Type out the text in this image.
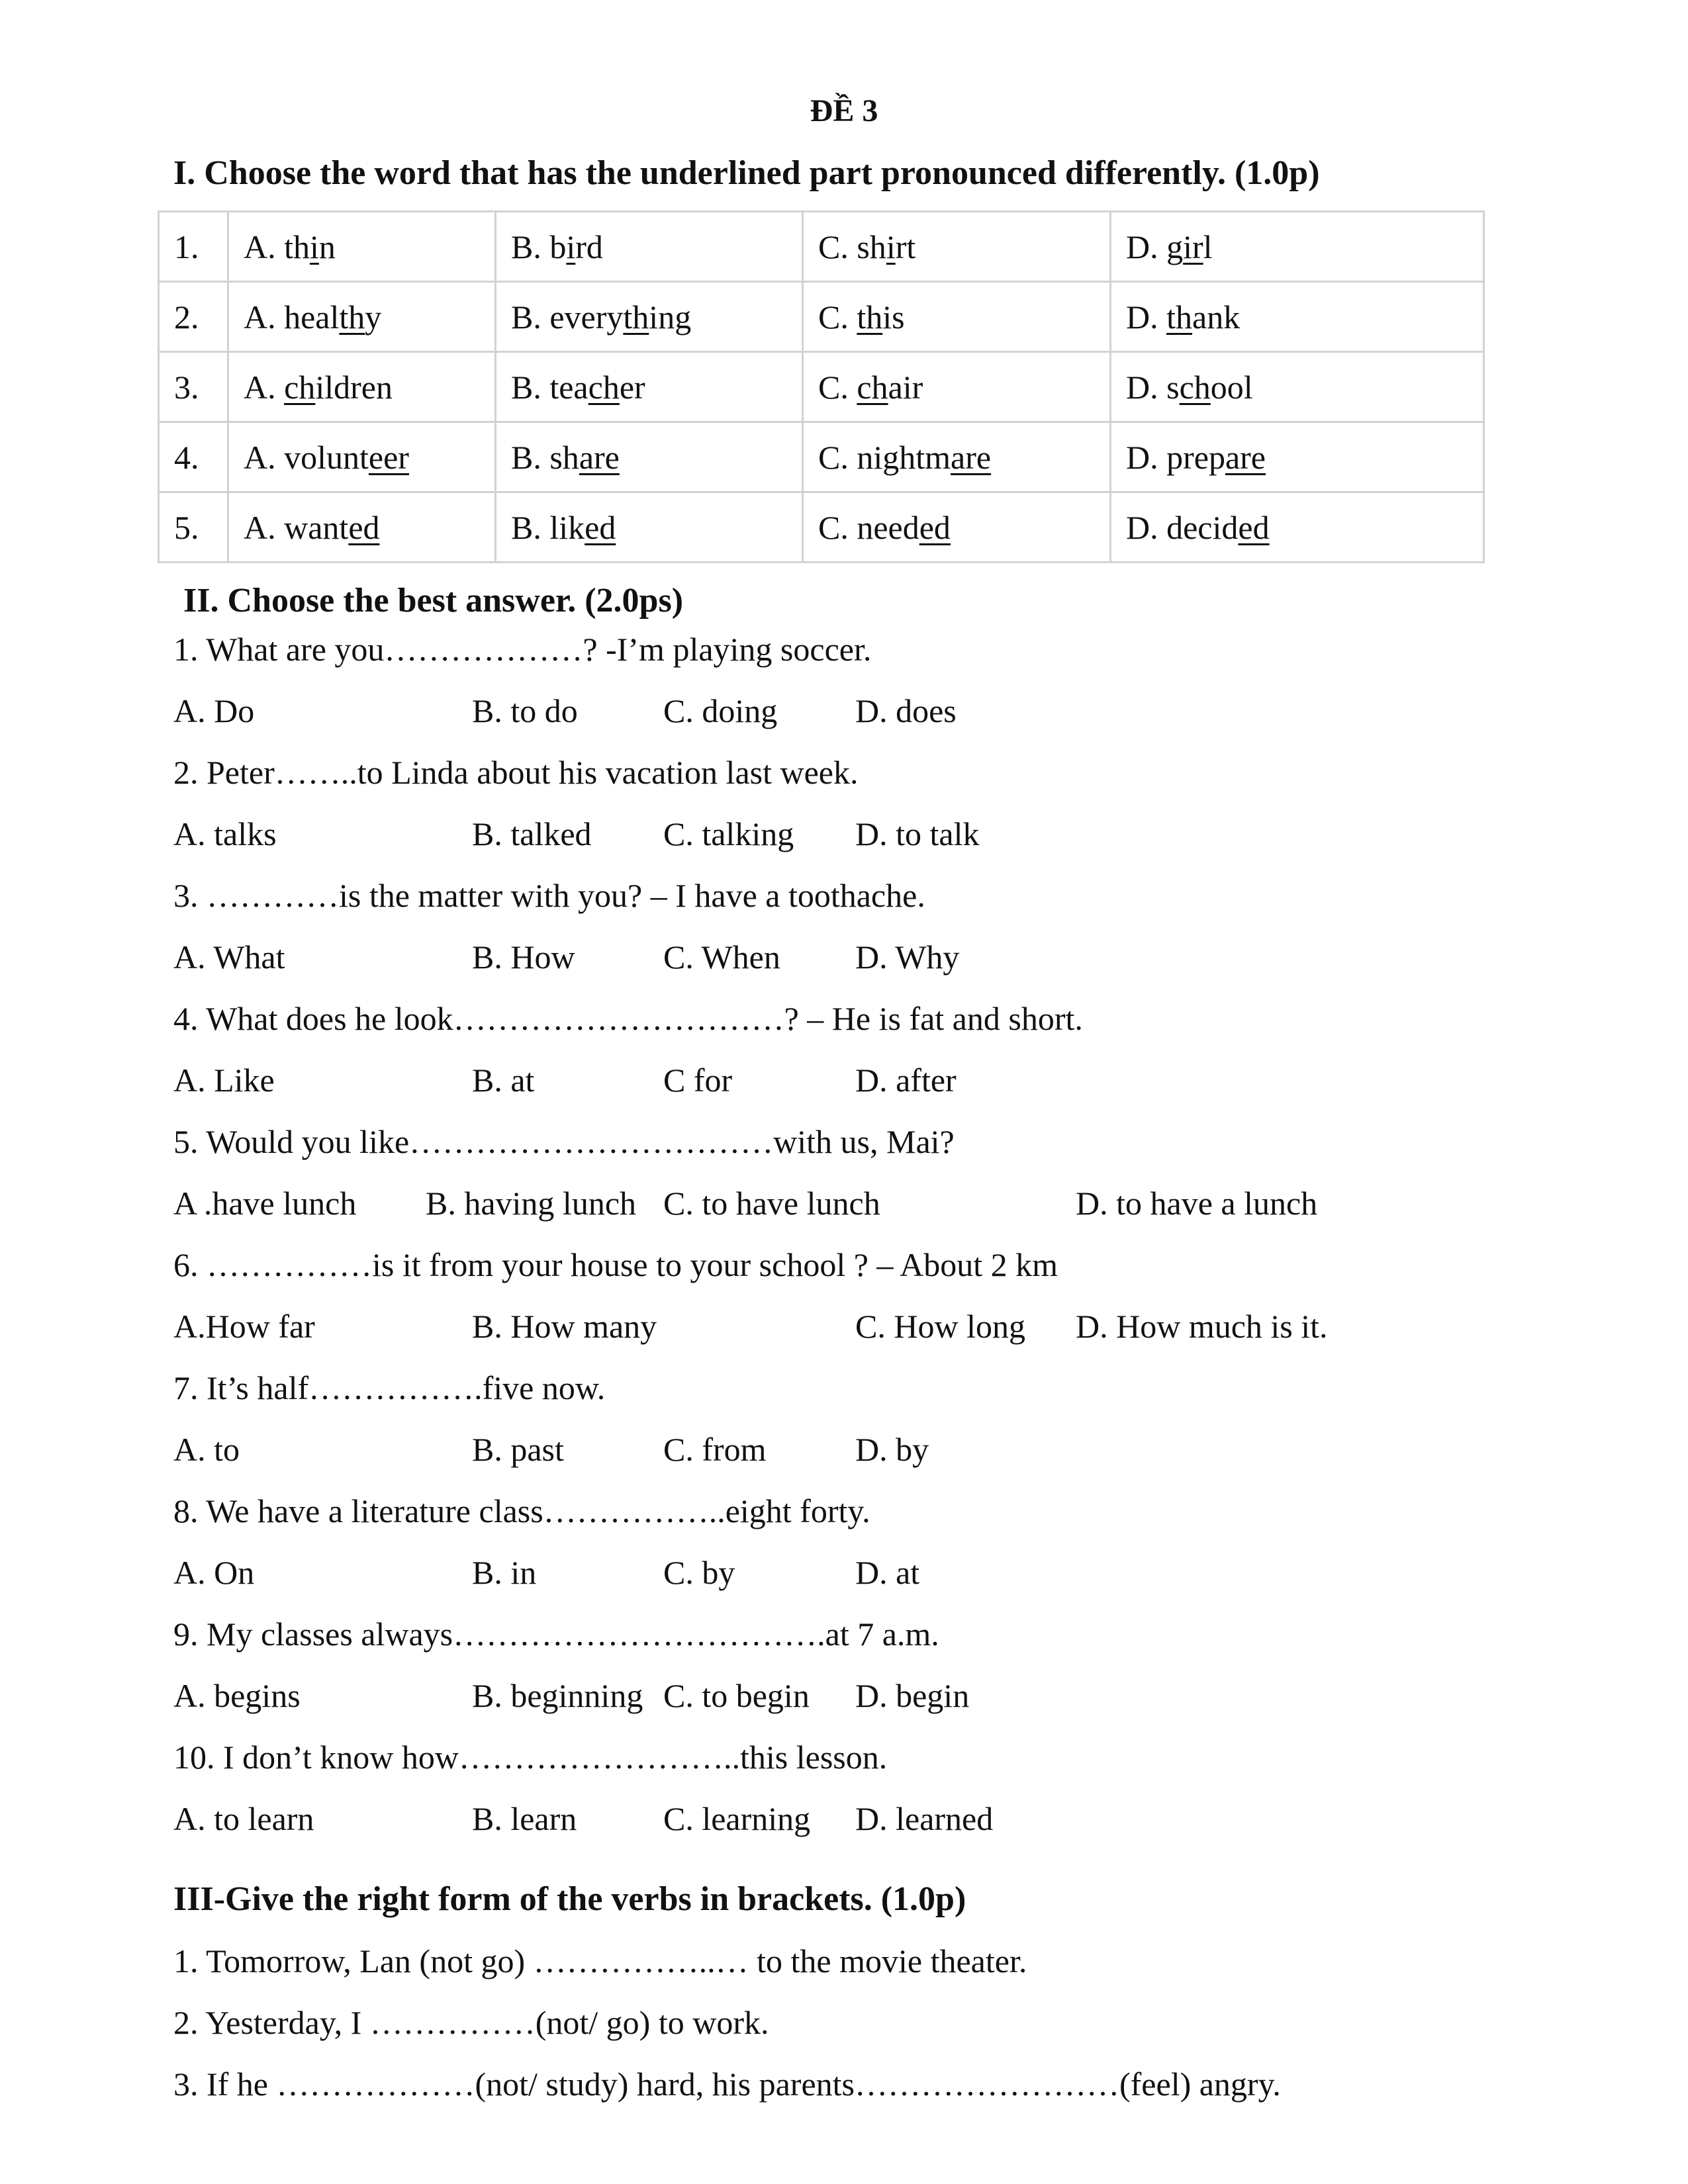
ĐỀ 3
I. Choose the word that has the underlined part pronounced differently. (1.0p)
1.	A. thin	B. bird	C. shirt	D. girl
2.	A. healthy	B. everything	C. this	D. thank
3.	A. children	B. teacher	C. chair	D. school
4.	A. volunteer	B. share	C. nightmare	D. prepare
5.	A. wanted	B. liked	C. needed	D. decided
II. Choose the best answer. (2.0ps)
1. What are you………………? -I’m playing soccer.
A. Do	B. to do	C. doing D. does
2. Peter……..to Linda about his vacation last week.
A. talks	B. talked C. talking D. to talk
3. …………is the matter with you? – I have a toothache.
A. What	B. How	C. When D. Why
4. What does he look…………………………? – He is fat and short.
A. Like	B. at	C for	D. after
5. Would you like……………………………with us, Mai?
A .have lunch B. having lunch C. to have lunch	D. to have a lunch
6. ……………is it from your house to your school ? – About 2 km
A.How far	B. How many	C. How long D. How much is it.
7. It’s half…………….five now.
A. to	B. past	C. from	D. by
8. We have a literature class……………..eight forty.
A. On	B. in	C. by	D. at
9. My classes always…………………………….at 7 a.m.
A. begins	B. beginning C. to begin D. begin
10. I don’t know how……………………..this lesson.
A. to learn	B. learn	C. learning D. learned
III-Give the right form of the verbs in brackets. (1.0p)
1. Tomorrow, Lan (not go) ……………..… to the movie theater.
2. Yesterday, I ……………(not/ go) to work.
3. If he ………………(not/ study) hard, his parents……………………(feel) angry.
